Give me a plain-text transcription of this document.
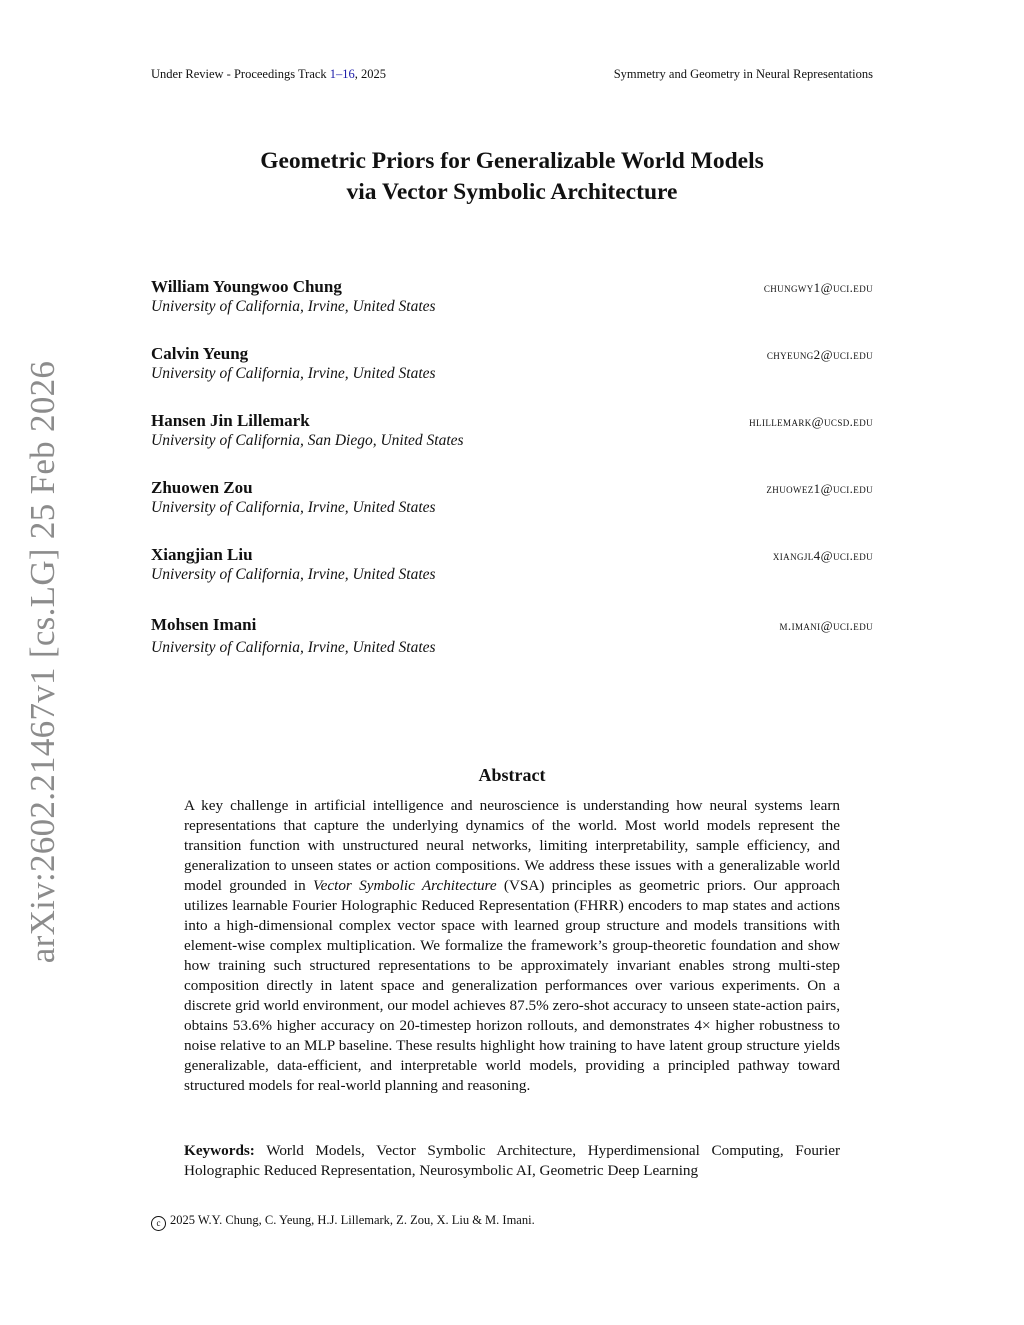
Under Review - Proceedings Track 1–16, 2025	Symmetry and Geometry in Neural Representations
Geometric Priors for Generalizable World Models
via Vector Symbolic Architecture
William Youngwoo Chung	chungwy1@uci.edu
University of California, Irvine, United States
Calvin Yeung	chyeung2@uci.edu
University of California, Irvine, United States
Hansen Jin Lillemark	hlillemark@ucsd.edu
University of California, San Diego, United States
Zhuowen Zou	zhuowez1@uci.edu
University of California, Irvine, United States
Xiangjian Liu	xiangjl4@uci.edu
University of California, Irvine, United States
Mohsen Imani	m.imani@uci.edu
University of California, Irvine, United States
arXiv:2602.21467v1 [cs.LG] 25 Feb 2026	Abstract
A key challenge in artificial intelligence and neuroscience is understanding how neural systems learn representations that capture the underlying dynamics of the world. Most world models represent the transition function with unstructured neural networks, limiting interpretability, sample efficiency, and generalization to unseen states or action compositions. We address these issues with a generalizable world model grounded in Vector Symbolic Architecture (VSA) principles as geometric priors. Our approach utilizes learnable Fourier Holographic Reduced Representation (FHRR) encoders to map states and actions into a high-dimensional complex vector space with learned group structure and models transitions with element-wise complex multiplication. We formalize the framework’s group-theoretic foundation and show how training such structured representations to be approximately invariant enables strong multi-step composition directly in latent space and generalization performances over various experiments. On a discrete grid world environment, our model achieves 87.5% zero-shot accuracy to unseen state-action pairs, obtains 53.6% higher accuracy on 20-timestep horizon rollouts, and demonstrates 4× higher robustness to noise relative to an MLP baseline. These results highlight how training to have latent group structure yields generalizable, data-efficient, and interpretable world models, providing a principled pathway toward structured models for real-world planning and reasoning.
Keywords: World Models, Vector Symbolic Architecture, Hyperdimensional Computing, Fourier Holographic Reduced Representation, Neurosymbolic AI, Geometric Deep Learning
c 2025 W.Y. Chung, C. Yeung, H.J. Lillemark, Z. Zou, X. Liu & M. Imani.
